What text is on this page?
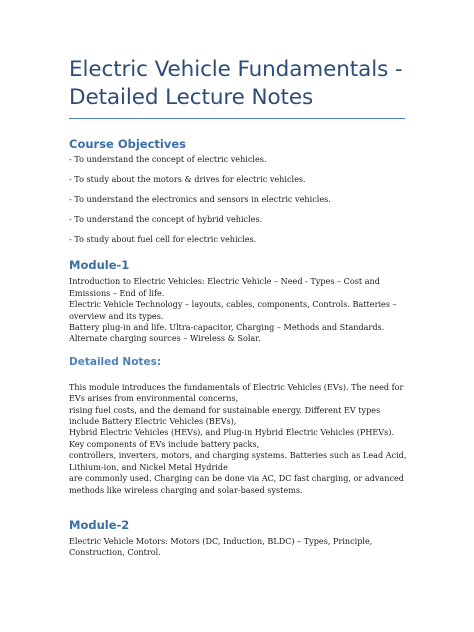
Electric Vehicle Fundamentals -
Detailed Lecture Notes
Course Objectives

- To understand the concept of electric vehicles.

- To study about the motors & drives for electric vehicles.

- To understand the electronics and sensors in electric vehicles.

- To understand the concept of hybrid vehicles.

- To study about fuel cell for electric vehicles.

Module-1

Introduction to Electric Vehicles: Electric Vehicle – Need - Types – Cost and Emissions – End of life.

Electric Vehicle Technology – layouts, cables, components, Controls. Batteries – overview and its types.

Battery plug-in and life. Ultra-capacitor, Charging – Methods and Standards. Alternate charging sources – Wireless & Solar.

Detailed Notes:

This module introduces the fundamentals of Electric Vehicles (EVs). The need for EVs arises from environmental concerns,

rising fuel costs, and the demand for sustainable energy. Different EV types include Battery Electric Vehicles (BEVs),

Hybrid Electric Vehicles (HEVs), and Plug-in Hybrid Electric Vehicles (PHEVs). Key components of EVs include battery packs,

controllers, inverters, motors, and charging systems. Batteries such as Lead Acid, Lithium-ion, and Nickel Metal Hydride

are commonly used. Charging can be done via AC, DC fast charging, or advanced methods like wireless charging and solar-based systems.

Module-2

Electric Vehicle Motors: Motors (DC, Induction, BLDC) – Types, Principle, Construction, Control.
